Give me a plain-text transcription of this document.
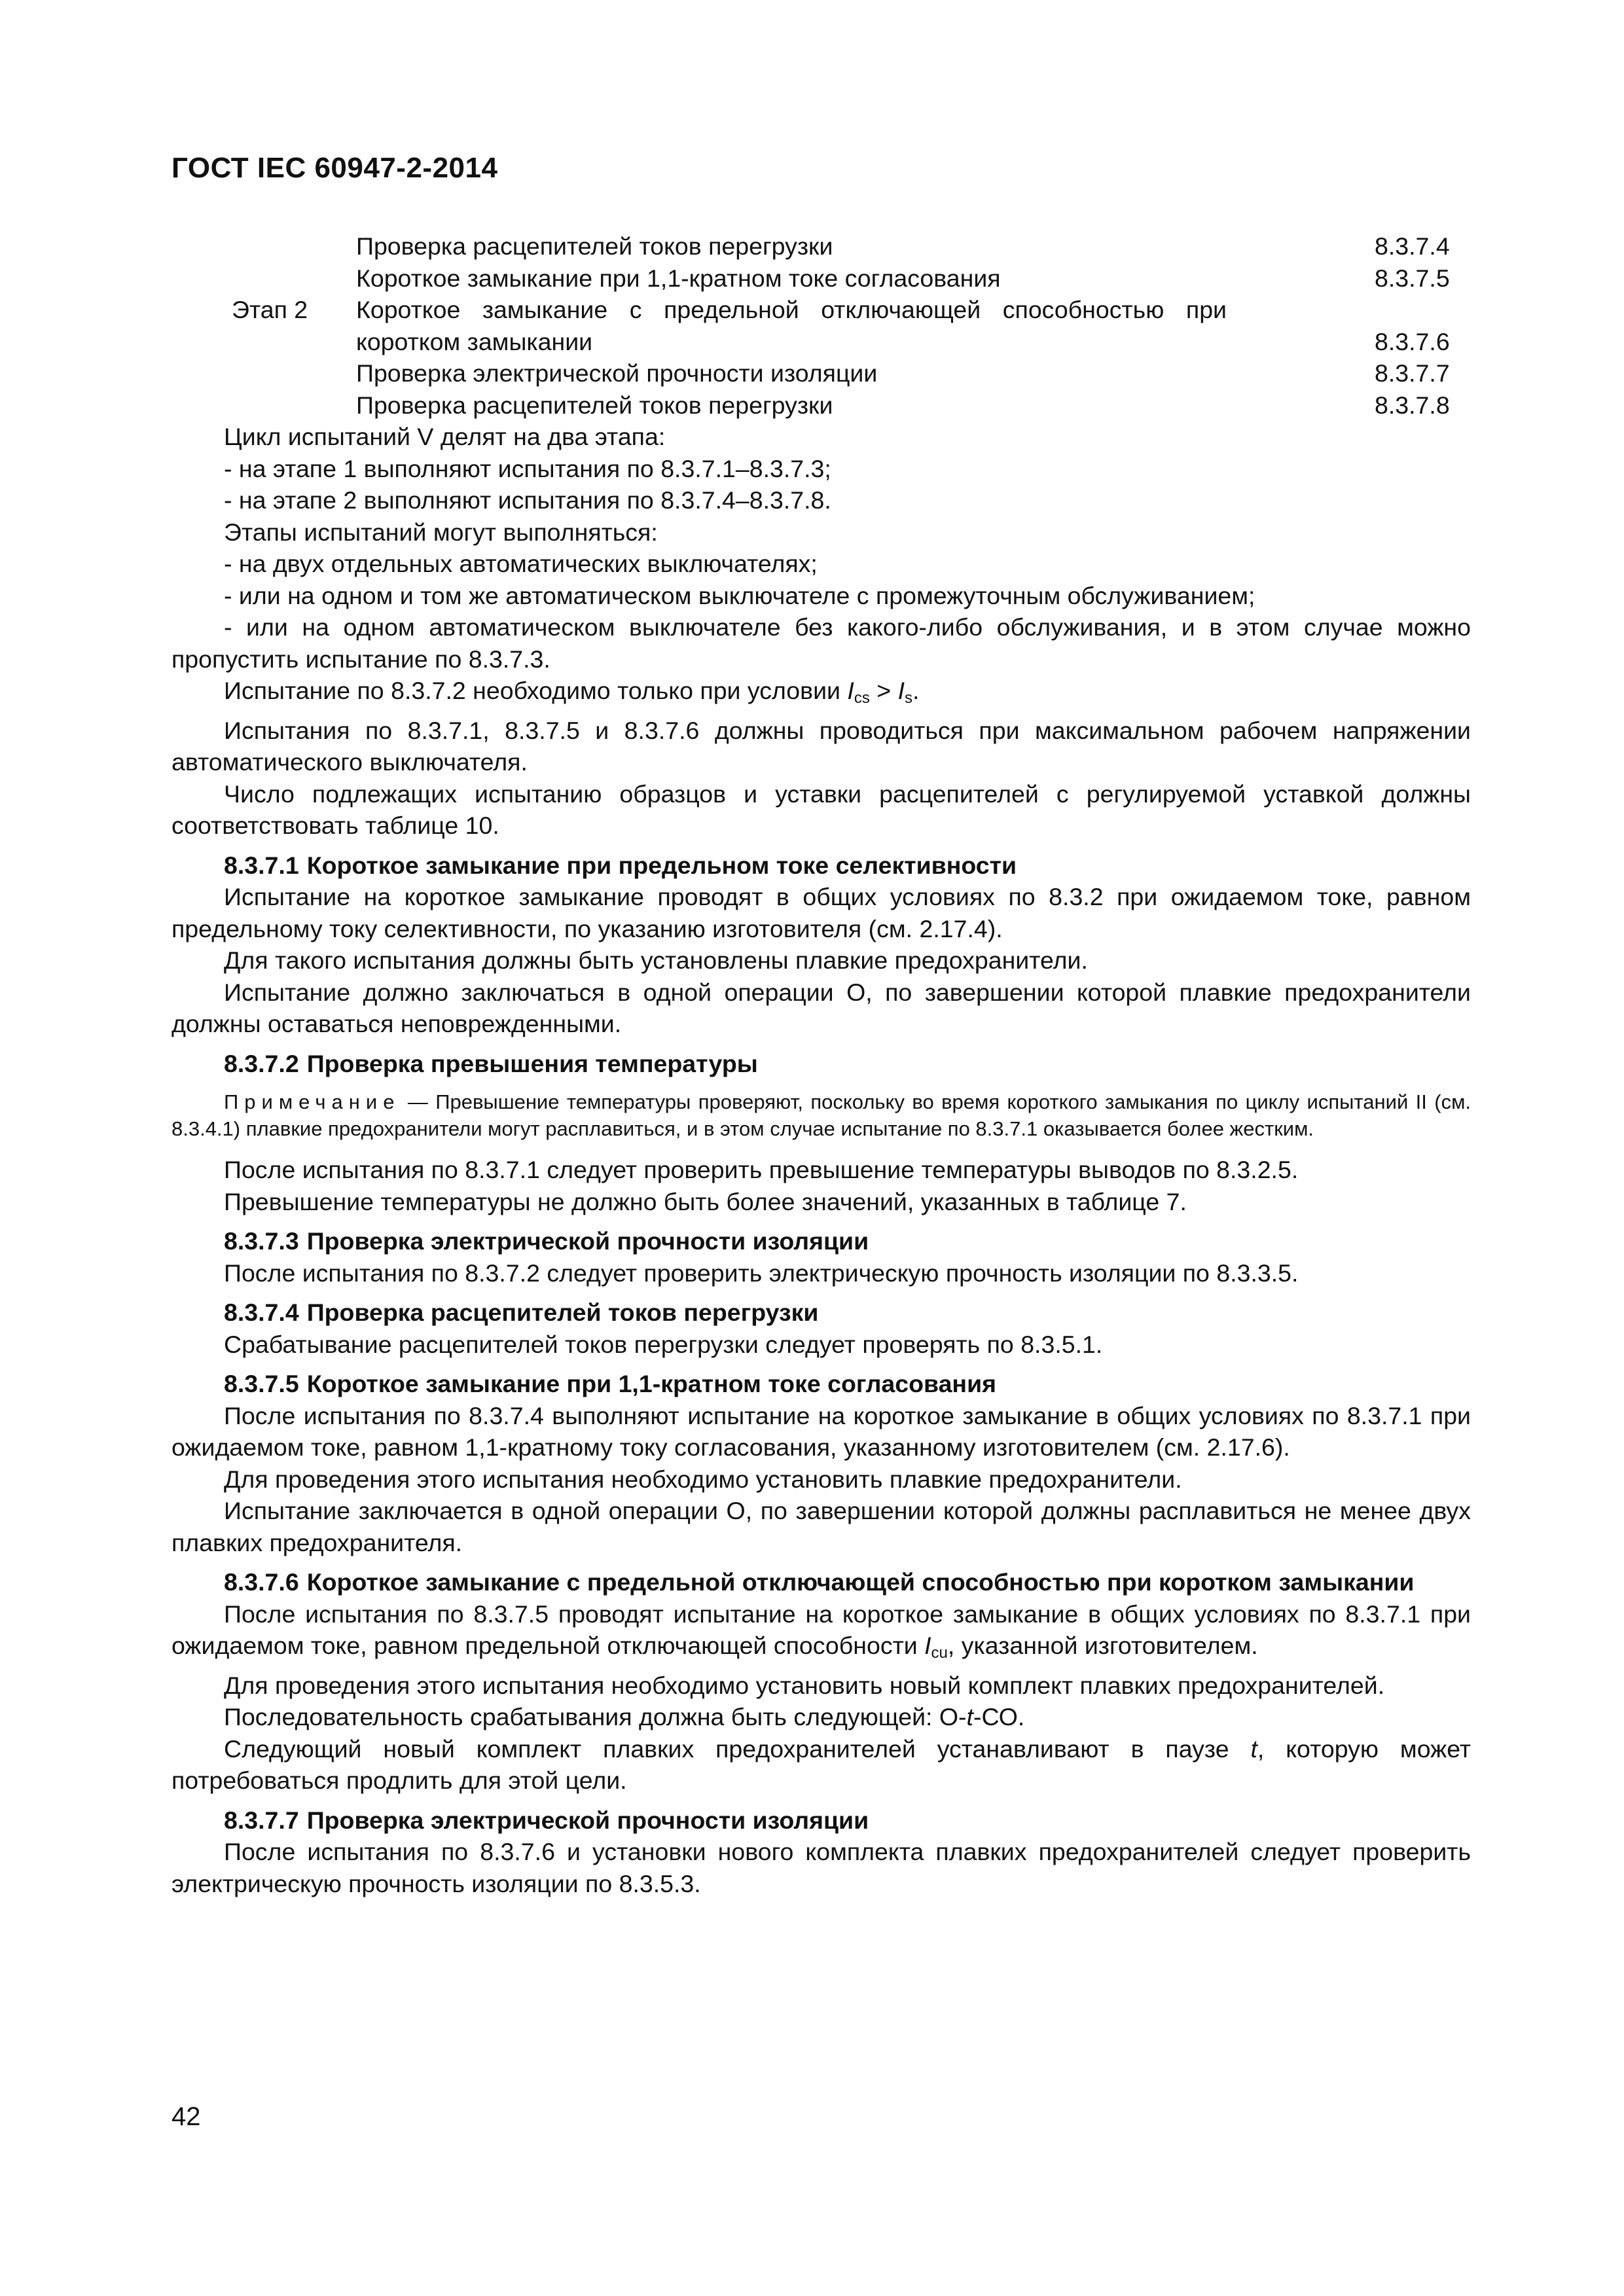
ГОСТ IEC 60947-2-2014
Проверка расцепителей токов перегрузки	8.3.7.4
Короткое замыкание при 1,1-кратном токе согласования	8.3.7.5
Этап 2 Короткое замыкание с предельной отключающей способностью при коротком замыкании	8.3.7.6
Проверка электрической прочности изоляции	8.3.7.7
Проверка расцепителей токов перегрузки	8.3.7.8

Цикл испытаний V делят на два этапа:

- на этапе 1 выполняют испытания по 8.3.7.1–8.3.7.3;

- на этапе 2 выполняют испытания по 8.3.7.4–8.3.7.8.

Этапы испытаний могут выполняться:

- на двух отдельных автоматических выключателях;

- или на одном и том же автоматическом выключателе с промежуточным обслуживанием;

- или на одном автоматическом выключателе без какого-либо обслуживания, и в этом случае можно пропустить испытание по 8.3.7.3.

Испытание по 8.3.7.2 необходимо только при условии $I_{cs} > I_s$.

Испытания по 8.3.7.1, 8.3.7.5 и 8.3.7.6 должны проводиться при максимальном рабочем напряжении автоматического выключателя.

Число подлежащих испытанию образцов и уставки расцепителей с регулируемой уставкой должны соответствовать таблице 10.

8.3.7.1 Короткое замыкание при предельном токе селективности

Испытание на короткое замыкание проводят в общих условиях по 8.3.2 при ожидаемом токе, равном предельному току селективности, по указанию изготовителя (см. 2.17.4).

Для такого испытания должны быть установлены плавкие предохранители.

Испытание должно заключаться в одной операции О, по завершении которой плавкие предохранители должны оставаться неповрежденными.

8.3.7.2 Проверка превышения температуры

Примечание — Превышение температуры проверяют, поскольку во время короткого замыкания по циклу испытаний II (см. 8.3.4.1) плавкие предохранители могут расплавиться, и в этом случае испытание по 8.3.7.1 оказывается более жестким.

После испытания по 8.3.7.1 следует проверить превышение температуры выводов по 8.3.2.5.

Превышение температуры не должно быть более значений, указанных в таблице 7.

8.3.7.3 Проверка электрической прочности изоляции

После испытания по 8.3.7.2 следует проверить электрическую прочность изоляции по 8.3.3.5.

8.3.7.4 Проверка расцепителей токов перегрузки

Срабатывание расцепителей токов перегрузки следует проверять по 8.3.5.1.

8.3.7.5 Короткое замыкание при 1,1-кратном токе согласования

После испытания по 8.3.7.4 выполняют испытание на короткое замыкание в общих условиях по 8.3.7.1 при ожидаемом токе, равном 1,1-кратному току согласования, указанному изготовителем (см. 2.17.6).

Для проведения этого испытания необходимо установить плавкие предохранители.

Испытание заключается в одной операции О, по завершении которой должны расплавиться не менее двух плавких предохранителя.

8.3.7.6 Короткое замыкание с предельной отключающей способностью при коротком замыкании

После испытания по 8.3.7.5 проводят испытание на короткое замыкание в общих условиях по 8.3.7.1 при ожидаемом токе, равном предельной отключающей способности $I_{cu}$, указанной изготовителем.

Для проведения этого испытания необходимо установить новый комплект плавких предохранителей.

Последовательность срабатывания должна быть следующей: О-t-СО.

Следующий новый комплект плавких предохранителей устанавливают в паузе t, которую может потребоваться продлить для этой цели.

8.3.7.7 Проверка электрической прочности изоляции

После испытания по 8.3.7.6 и установки нового комплекта плавких предохранителей следует проверить электрическую прочность изоляции по 8.3.5.3.

42
